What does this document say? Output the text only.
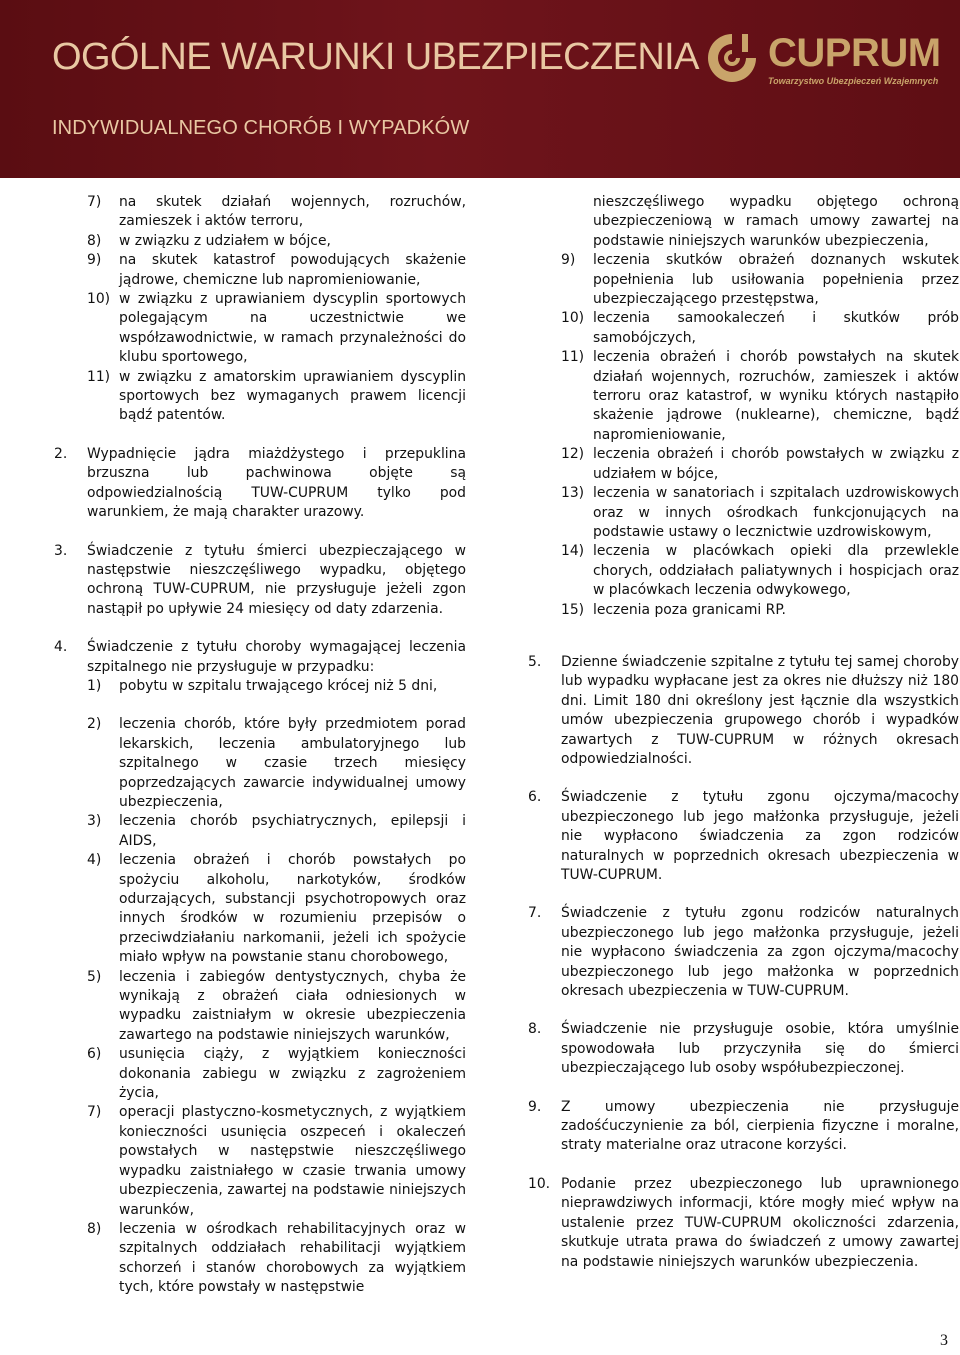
OGÓLNE WARUNKI UBEZPIECZENIA
INDYWIDUALNEGO CHORÓB I WYPADKÓW
CUPRUM
Towarzystwo Ubezpieczeń Wzajemnych
7) na skutek działań wojennych, rozruchów, zamieszek i aktów terroru,
8) w związku z udziałem w bójce,
9) na skutek katastrof powodujących skażenie jądrowe, chemiczne lub napromieniowanie,
10) w związku z uprawianiem dyscyplin sportowych polegającym na uczestnictwie we współzawodnictwie, w ramach przynależności do klubu sportowego,
11) w związku z amatorskim uprawianiem dyscyplin sportowych bez wymaganych prawem licencji bądź patentów.
2. Wypadnięcie jądra miażdżystego i przepuklina brzuszna lub pachwinowa objęte są odpowiedzialnością TUW-CUPRUM tylko pod warunkiem, że mają charakter urazowy.
3. Świadczenie z tytułu śmierci ubezpieczającego w następstwie nieszczęśliwego wypadku, objętego ochroną TUW-CUPRUM, nie przysługuje jeżeli zgon nastąpił po upływie 24 miesięcy od daty zdarzenia.
4. Świadczenie z tytułu choroby wymagającej leczenia szpitalnego nie przysługuje w przypadku:
1) pobytu w szpitalu trwającego krócej niż 5 dni,
2) leczenia chorób, które były przedmiotem porad lekarskich, leczenia ambulatoryjnego lub szpitalnego w czasie trzech miesięcy poprzedzających zawarcie indywidualnej umowy ubezpieczenia,
3) leczenia chorób psychiatrycznych, epilepsji i AIDS,
4) leczenia obrażeń i chorób powstałych po spożyciu alkoholu, narkotyków, środków odurzających, substancji psychotropowych oraz innych środków w rozumieniu przepisów o przeciwdziałaniu narkomanii, jeżeli ich spożycie miało wpływ na powstanie stanu chorobowego,
5) leczenia i zabiegów dentystycznych, chyba że wynikają z obrażeń ciała odniesionych w wypadku zaistniałym w okresie ubezpieczenia zawartego na podstawie niniejszych warunków,
6) usunięcia ciąży, z wyjątkiem konieczności dokonania zabiegu w związku z zagrożeniem życia,
7) operacji plastyczno-kosmetycznych, z wyjątkiem konieczności usunięcia oszpeceń i okaleczeń powstałych w następstwie nieszczęśliwego wypadku zaistniałego w czasie trwania umowy ubezpieczenia, zawartej na podstawie niniejszych warunków,
8) leczenia w ośrodkach rehabilitacyjnych oraz w szpitalnych oddziałach rehabilitacji wyjątkiem schorzeń i stanów chorobowych za wyjątkiem tych, które powstały w następstwie
nieszczęśliwego wypadku objętego ochroną ubezpieczeniową w ramach umowy zawartej na podstawie niniejszych warunków ubezpieczenia,
9) leczenia skutków obrażeń doznanych wskutek popełnienia lub usiłowania popełnienia przez ubezpieczającego przestępstwa,
10) leczenia samookaleczeń i skutków prób samobójczych,
11) leczenia obrażeń i chorób powstałych na skutek działań wojennych, rozruchów, zamieszek i aktów terroru oraz katastrof, w wyniku których nastąpiło skażenie jądrowe (nuklearne), chemiczne, bądź napromieniowanie,
12) leczenia obrażeń i chorób powstałych w związku z udziałem w bójce,
13) leczenia w sanatoriach i szpitalach uzdrowiskowych oraz w innych ośrodkach funkcjonujących na podstawie ustawy o lecznictwie uzdrowiskowym,
14) leczenia w placówkach opieki dla przewlekle chorych, oddziałach paliatywnych i hospicjach oraz w placówkach leczenia odwykowego,
15) leczenia poza granicami RP.
5. Dzienne świadczenie szpitalne z tytułu tej samej choroby lub wypadku wypłacane jest za okres nie dłuższy niż 180 dni. Limit 180 dni określony jest łącznie dla wszystkich umów ubezpieczenia grupowego chorób i wypadków zawartych z TUW-CUPRUM w różnych okresach odpowiedzialności.
6. Świadczenie z tytułu zgonu ojczyma/macochy ubezpieczonego lub jego małżonka przysługuje, jeżeli nie wypłacono świadczenia za zgon rodziców naturalnych w poprzednich okresach ubezpieczenia w TUW-CUPRUM.
7. Świadczenie z tytułu zgonu rodziców naturalnych ubezpieczonego lub jego małżonka przysługuje, jeżeli nie wypłacono świadczenia za zgon ojczyma/macochy ubezpieczonego lub jego małżonka w poprzednich okresach ubezpieczenia w TUW-CUPRUM.
8. Świadczenie nie przysługuje osobie, która umyślnie spowodowała lub przyczyniła się do śmierci ubezpieczającego lub osoby współubezpieczonej.
9. Z umowy ubezpieczenia nie przysługuje zadośćuczynienie za ból, cierpienia fizyczne i moralne, straty materialne oraz utracone korzyści.
10. Podanie przez ubezpieczonego lub uprawnionego nieprawdziwych informacji, które mogły mieć wpływ na ustalenie przez TUW-CUPRUM okoliczności zdarzenia, skutkuje utrata prawa do świadczeń z umowy zawartej na podstawie niniejszych warunków ubezpieczenia.
3
